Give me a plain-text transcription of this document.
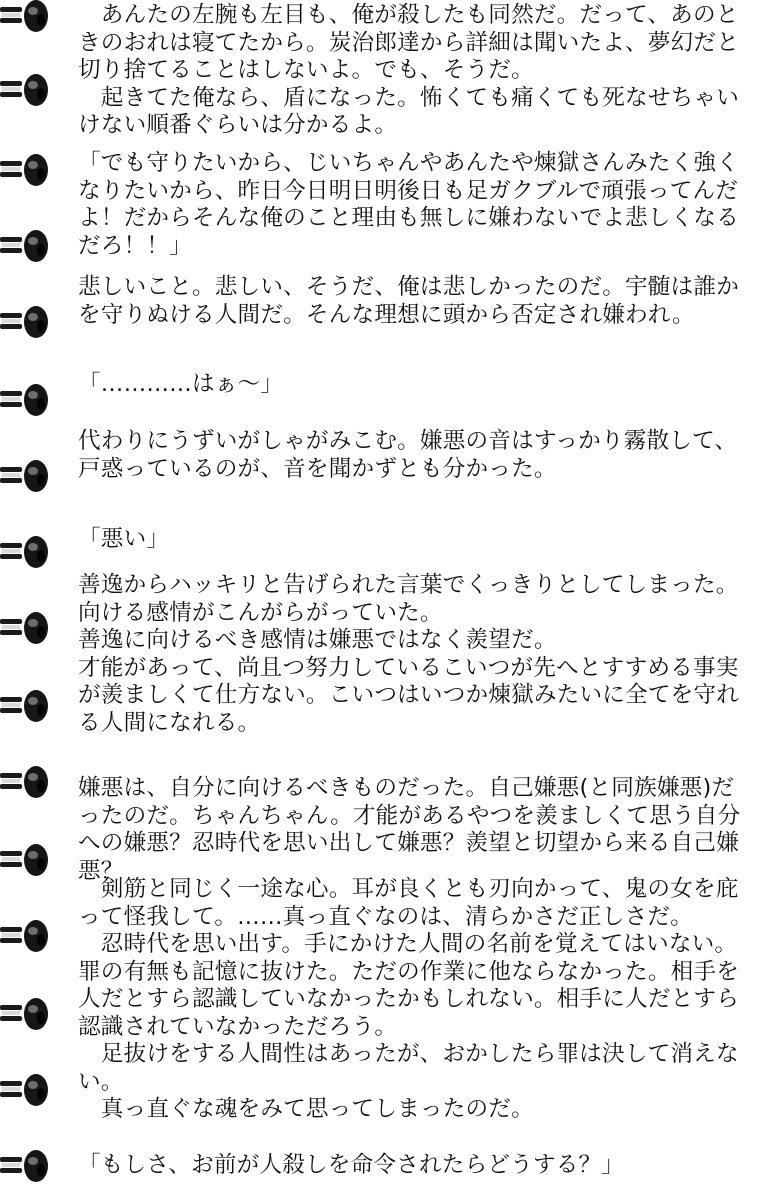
　あんたの左腕も左目も、俺が殺したも同然だ。だって、あのときのおれは寝てたから。炭治郎達から詳細は聞いたよ、夢幻だと切り捨てることはしないよ。でも、そうだ。
　起きてた俺なら、盾になった。怖くても痛くても死なせちゃいけない順番ぐらいは分かるよ。

「でも守りたいから、じいちゃんやあんたや煉獄さんみたく強くなりたいから、昨日今日明日明後日も足ガクブルで頑張ってんだよ！だからそんな俺のこと理由も無しに嫌わないでよ悲しくなるだろ！！」

悲しいこと。悲しい、そうだ、俺は悲しかったのだ。宇髄は誰かを守りぬける人間だ。そんな理想に頭から否定され嫌われ。

「…………はぁ〜」

代わりにうずいがしゃがみこむ。嫌悪の音はすっかり霧散して、戸惑っているのが、音を聞かずとも分かった。

「悪い」

善逸からハッキリと告げられた言葉でくっきりとしてしまった。
向ける感情がこんがらがっていた。
善逸に向けるべき感情は嫌悪ではなく羨望だ。
才能があって、尚且つ努力しているこいつが先へとすすめる事実が羨ましくて仕方ない。こいつはいつか煉獄みたいに全てを守れる人間になれる。

嫌悪は、自分に向けるべきものだった。自己嫌悪(と同族嫌悪)だったのだ。ちゃんちゃん。才能があるやつを羨ましくて思う自分への嫌悪？忍時代を思い出して嫌悪？羨望と切望から来る自己嫌悪？

　剣筋と同じく一途な心。耳が良くとも刃向かって、鬼の女を庇って怪我して。……真っ直ぐなのは、清らかさだ正しさだ。
　忍時代を思い出す。手にかけた人間の名前を覚えてはいない。罪の有無も記憶に抜けた。ただの作業に他ならなかった。相手を人だとすら認識していなかったかもしれない。相手に人だとすら認識されていなかっただろう。
　足抜けをする人間性はあったが、おかしたら罪は決して消えない。
　真っ直ぐな魂をみて思ってしまったのだ。

「もしさ、お前が人殺しを命令されたらどうする？」
